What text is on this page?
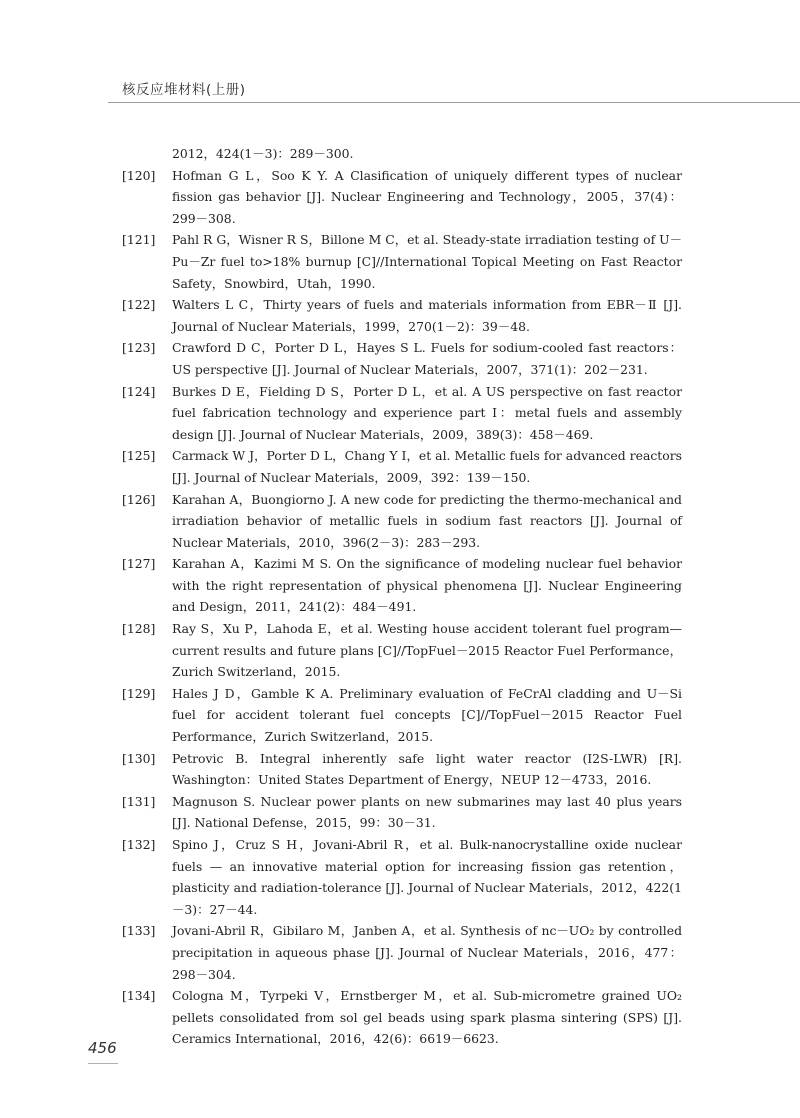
核反应堆材料(上册)
2012，424(1－3)：289－300.
[120]	Hofman G L，Soo K Y. A Clasification of uniquely different types of nuclear fission gas behavior [J]. Nuclear Engineering and Technology，2005，37(4)：299－308.
[121]	Pahl R G，Wisner R S，Billone M C，et al. Steady-state irradiation testing of U－Pu－Zr fuel to>18% burnup [C]//International Topical Meeting on Fast Reactor Safety，Snowbird，Utah，1990.
[122]	Walters L C，Thirty years of fuels and materials information from EBR－Ⅱ [J]. Journal of Nuclear Materials，1999，270(1－2)：39－48.
[123]	Crawford D C，Porter D L，Hayes S L. Fuels for sodium-cooled fast reactors：US perspective [J]. Journal of Nuclear Materials，2007，371(1)：202－231.
[124]	Burkes D E，Fielding D S，Porter D L，et al. A US perspective on fast reactor fuel fabrication technology and experience part I：metal fuels and assembly design [J]. Journal of Nuclear Materials，2009，389(3)：458－469.
[125]	Carmack W J，Porter D L，Chang Y I，et al. Metallic fuels for advanced reactors [J]. Journal of Nuclear Materials，2009，392：139－150.
[126]	Karahan A，Buongiorno J. A new code for predicting the thermo-mechanical and irradiation behavior of metallic fuels in sodium fast reactors [J]. Journal of Nuclear Materials，2010，396(2－3)：283－293.
[127]	Karahan A，Kazimi M S. On the significance of modeling nuclear fuel behavior with the right representation of physical phenomena [J]. Nuclear Engineering and Design，2011，241(2)：484－491.
[128]	Ray S，Xu P，Lahoda E，et al. Westing house accident tolerant fuel program—current results and future plans [C]//TopFuel－2015 Reactor Fuel Performance，Zurich Switzerland，2015.
[129]	Hales J D，Gamble K A. Preliminary evaluation of FeCrAl cladding and U－Si fuel for accident tolerant fuel concepts [C]//TopFuel－2015 Reactor Fuel Performance，Zurich Switzerland，2015.
[130]	Petrovic B. Integral inherently safe light water reactor (I2S-LWR) [R]. Washington：United States Department of Energy，NEUP 12－4733，2016.
[131]	Magnuson S. Nuclear power plants on new submarines may last 40 plus years [J]. National Defense，2015，99：30－31.
[132]	Spino J，Cruz S H，Jovani-Abril R，et al. Bulk-nanocrystalline oxide nuclear fuels — an innovative material option for increasing fission gas retention，plasticity and radiation-tolerance [J]. Journal of Nuclear Materials，2012，422(1－3)：27－44.
[133]	Jovani-Abril R，Gibilaro M，Janben A，et al. Synthesis of nc－UO₂ by controlled precipitation in aqueous phase [J]. Journal of Nuclear Materials，2016，477：298－304.
[134]	Cologna M，Tyrpeki V，Ernstberger M，et al. Sub-micrometre grained UO₂ pellets consolidated from sol gel beads using spark plasma sintering (SPS) [J]. Ceramics International，2016，42(6)：6619－6623.
456
